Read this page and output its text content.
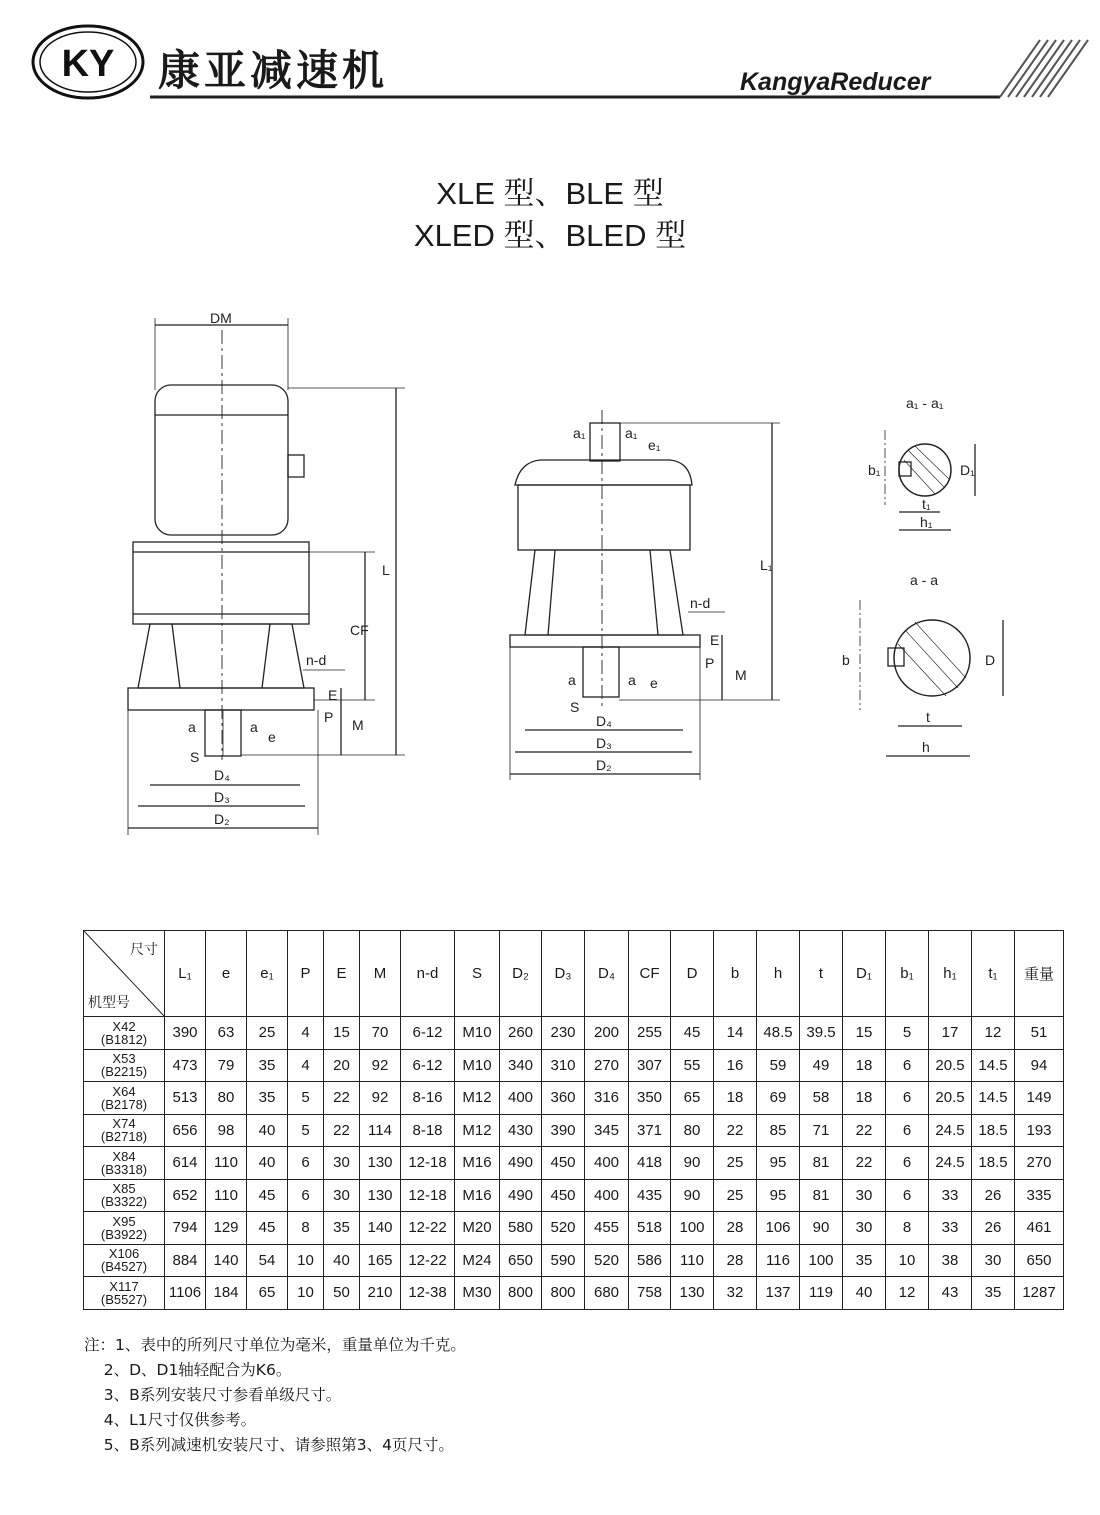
KY 康亚减速机	KangyaReducer
XLE 型、BLE 型
XLED 型、BLED 型
DM
L
CF
n-d
E
P M
a	a
e
S
D₄
D₃
D₂
a₁	a₁
e₁
L₁
n-d
E
P
M
a	a e
S
D₄
D₃
D₂
a₁ - a₁
b₁	D₁
t₁
h₁
a - a
b	D
t
h
尺寸
机型号	L₁	e	e₁	P	E	M	n-d	S	D₂	D₃	D₄	CF	D	b	h	t	D₁	b₁	h₁	t₁	重量

X42
(B1812)	390	63	25	4	15	70	6-12	M10	260	230	200	255	45	14	48.5	39.5	15	5	17	12	51

X53
(B2215)	473	79	35	4	20	92	6-12	M10	340	310	270	307	55	16	59	49	18	6	20.5	14.5	94

X64
(B2178)	513	80	35	5	22	92	8-16	M12	400	360	316	350	65	18	69	58	18	6	20.5	14.5	149

X74
(B2718)	656	98	40	5	22	114	8-18	M12	430	390	345	371	80	22	85	71	22	6	24.5	18.5	193

X84
(B3318)	614	110	40	6	30	130	12-18	M16	490	450	400	418	90	25	95	81	22	6	24.5	18.5	270

X85
(B3322)	652	110	45	6	30	130	12-18	M16	490	450	400	435	90	25	95	81	30	6	33	26	335

X95
(B3922)	794	129	45	8	35	140	12-22	M20	580	520	455	518	100	28	106	90	30	8	33	26	461

X106
(B4527)	884	140	54	10	40	165	12-22	M24	650	590	520	586	110	28	116	100	35	10	38	30	650

X117
(B5527)	1106	184	65	10	50	210	12-38	M30	800	800	680	758	130	32	137	119	40	12	43	35	1287
注：1、表中的所列尺寸单位为毫米，重量单位为千克。
2、D、D1轴轻配合为K6。
3、B系列安装尺寸参看单级尺寸。
4、L1尺寸仅供参考。
5、B系列减速机安装尺寸、请参照第3、4页尺寸。
